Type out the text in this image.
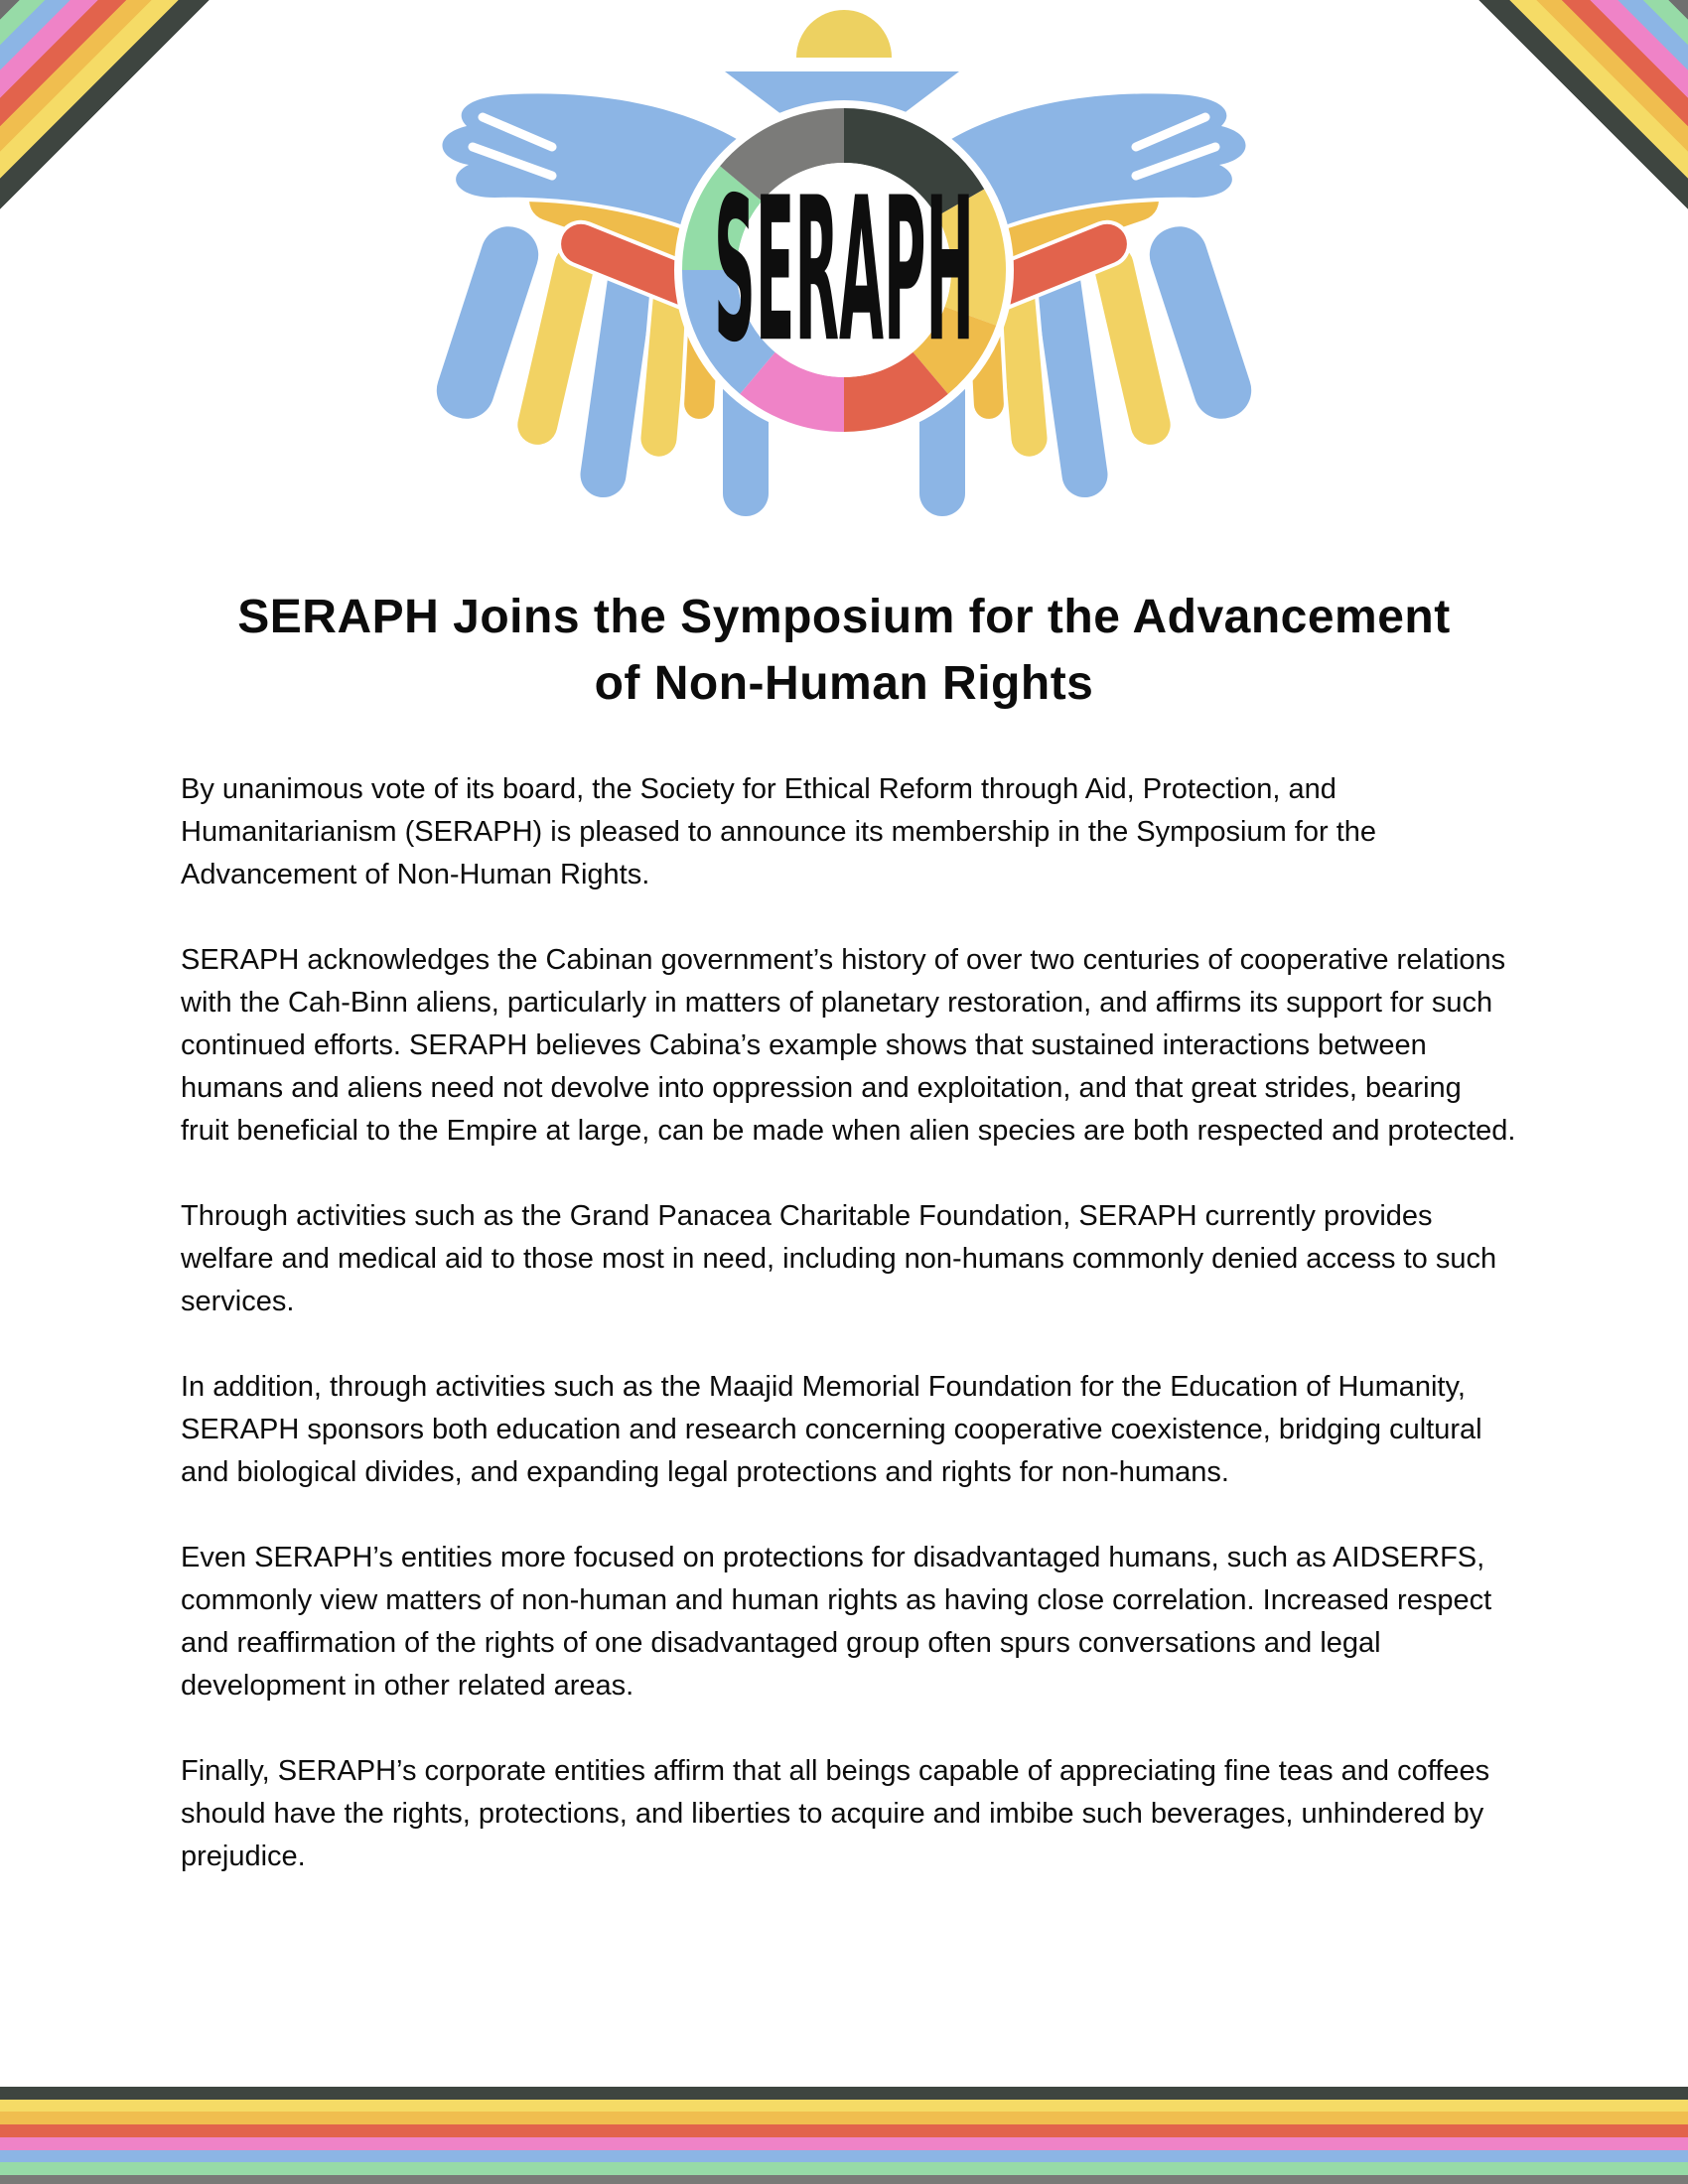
SERAPH
SERAPH Joins the Symposium for the Advancement
of Non-Human Rights

By unanimous vote of its board, the Society for Ethical Reform through Aid, Protection, and Humanitarianism (SERAPH) is pleased to announce its membership in the Symposium for the Advancement of Non-Human Rights.

SERAPH acknowledges the Cabinan government’s history of over two centuries of cooperative relations with the Cah-Binn aliens, particularly in matters of planetary restoration, and affirms its support for such continued efforts. SERAPH believes Cabina’s example shows that sustained interactions between humans and aliens need not devolve into oppression and exploitation, and that great strides, bearing fruit beneficial to the Empire at large, can be made when alien species are both respected and protected.

Through activities such as the Grand Panacea Charitable Foundation, SERAPH currently provides welfare and medical aid to those most in need, including non-humans commonly denied access to such services.

In addition, through activities such as the Maajid Memorial Foundation for the Education of Humanity, SERAPH sponsors both education and research concerning cooperative coexistence, bridging cultural and biological divides, and expanding legal protections and rights for non-humans.

Even SERAPH’s entities more focused on protections for disadvantaged humans, such as AIDSERFS, commonly view matters of non-human and human rights as having close correlation. Increased respect and reaffirmation of the rights of one disadvantaged group often spurs conversations and legal development in other related areas.

Finally, SERAPH’s corporate entities affirm that all beings capable of appreciating fine teas and coffees should have the rights, protections, and liberties to acquire and imbibe such beverages, unhindered by prejudice.
